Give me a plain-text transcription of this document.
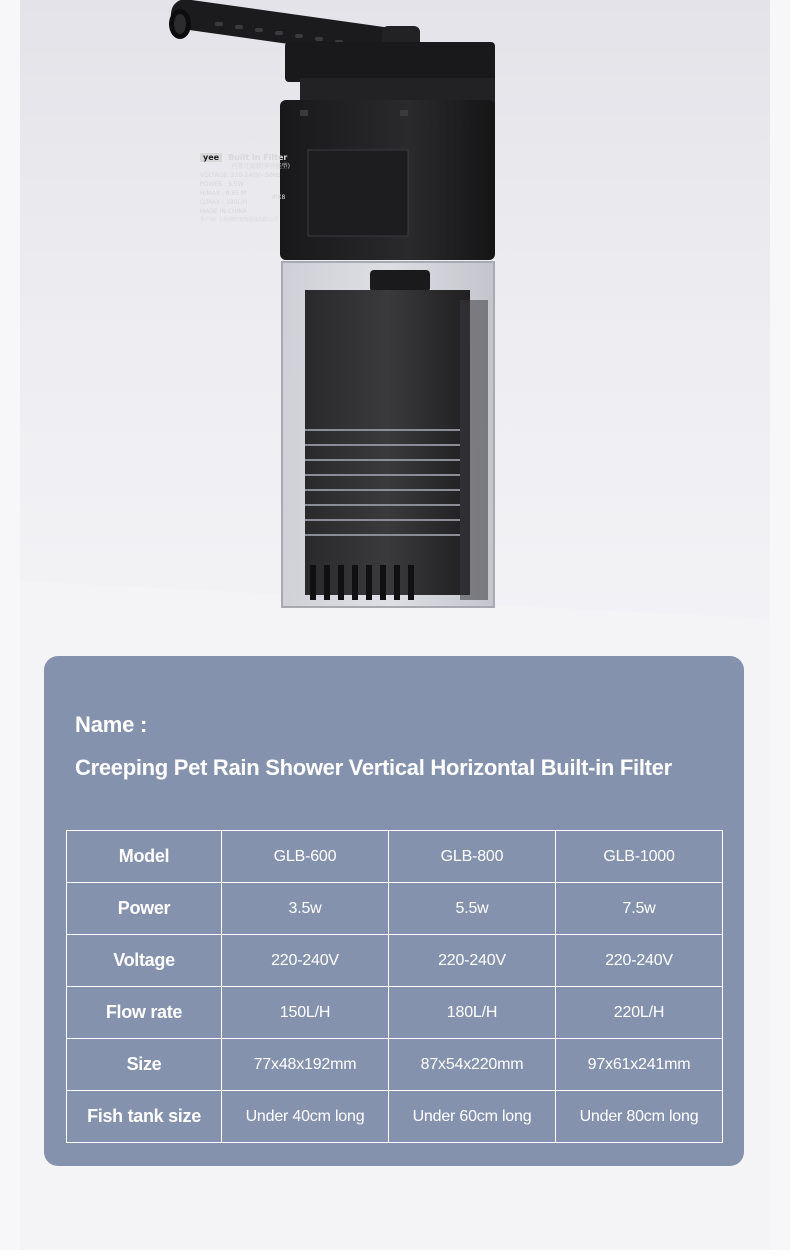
yee	Built in Filter
内置过滤器(多功能型)
VOLTAGE: 220-240V~50Hz
POWER : 5.5W
H/MAX : 0.65 M
Q/MAX : 180L/H
MADE IN CHINA
生产商: 上海翊轩宠物用品有限公司
IPX8
Name :
Creeping Pet Rain Shower Vertical Horizontal Built-in Filter
Model	GLB-600	GLB-800	GLB-1000
Power	3.5w	5.5w	7.5w
Voltage	220-240V	220-240V	220-240V
Flow rate	150L/H	180L/H	220L/H
Size	77x48x192mm	87x54x220mm	97x61x241mm
Fish tank size	Under 40cm long	Under 60cm long	Under 80cm long
